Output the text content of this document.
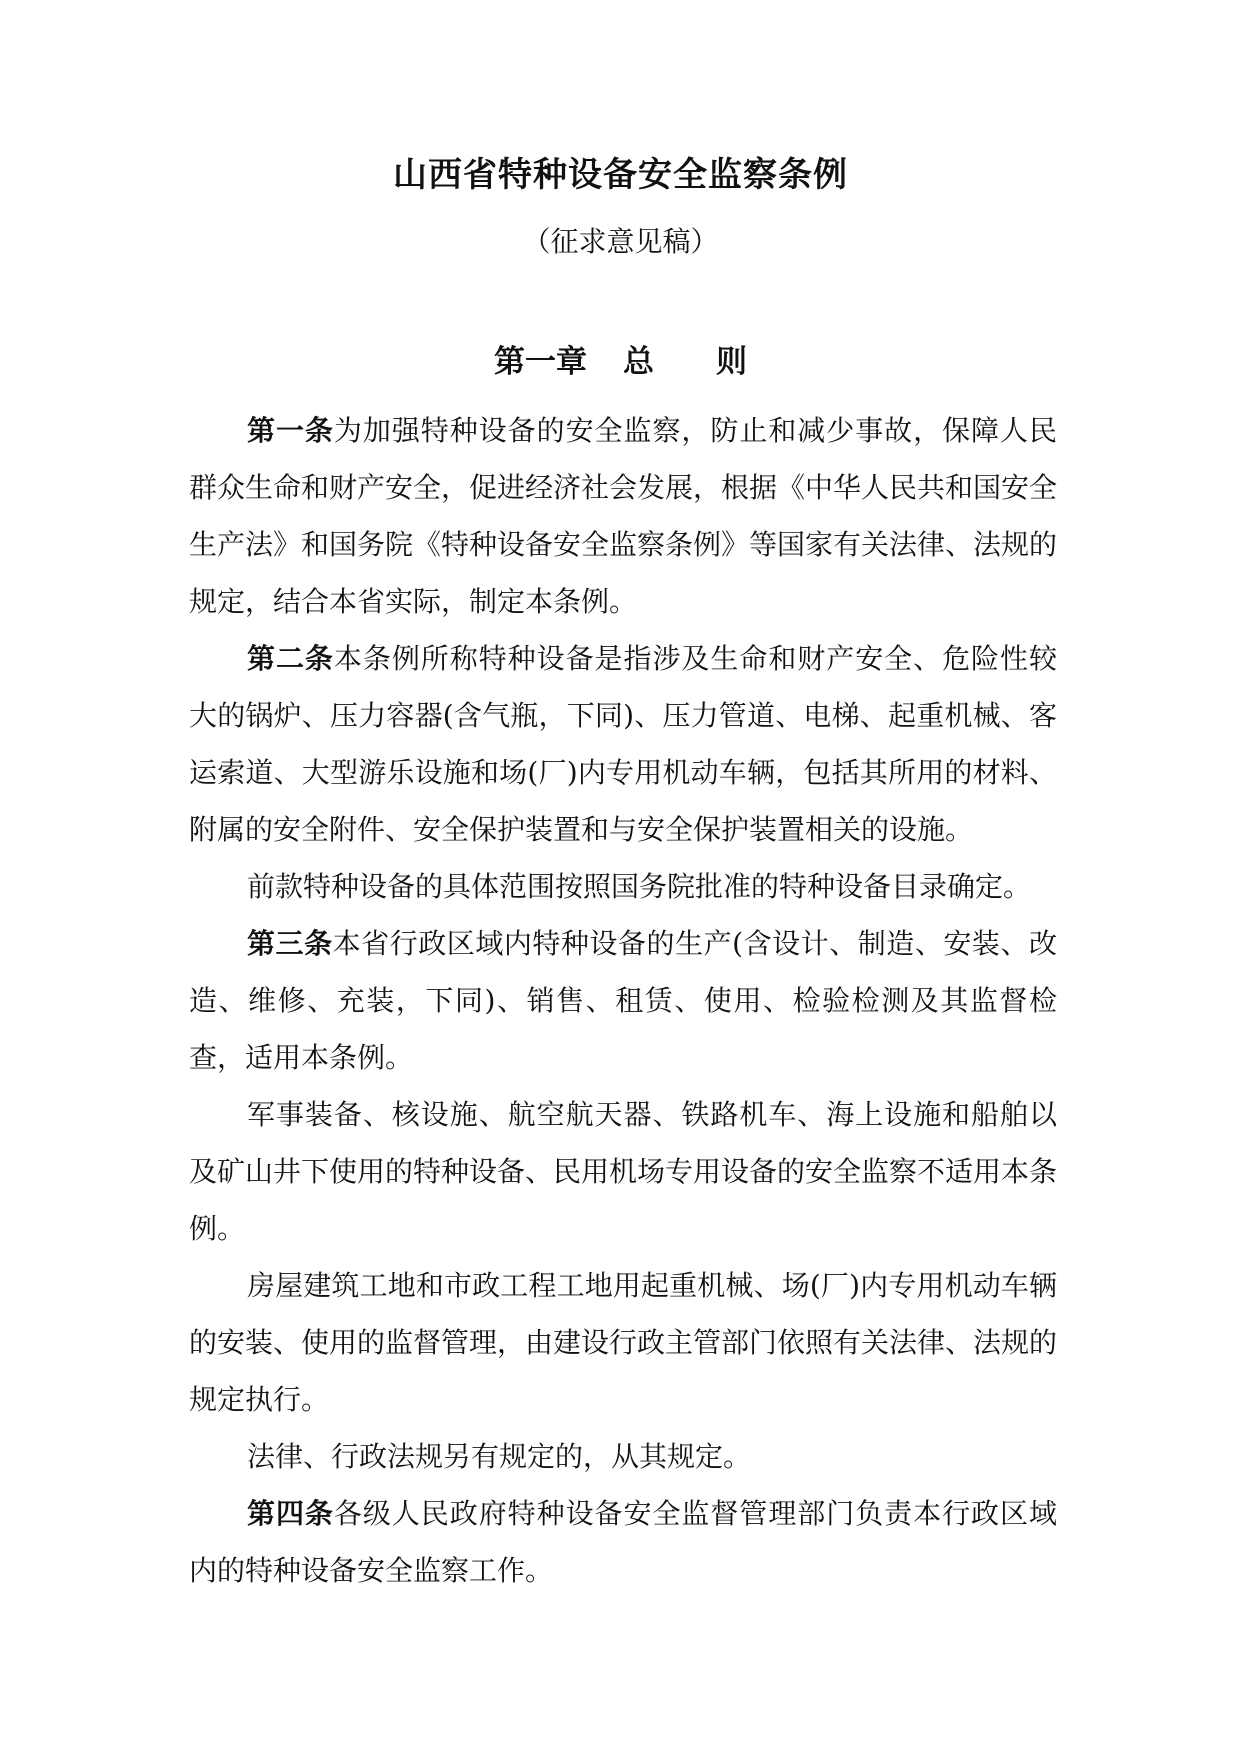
山西省特种设备安全监察条例
（征求意见稿）
第一章 总 则

第一条为加强特种设备的安全监察，防止和减少事故，保障人民群众生命和财产安全，促进经济社会发展，根据《中华人民共和国安全生产法》和国务院《特种设备安全监察条例》等国家有关法律、法规的规定，结合本省实际，制定本条例。

第二条本条例所称特种设备是指涉及生命和财产安全、危险性较大的锅炉、压力容器(含气瓶，下同)、压力管道、电梯、起重机械、客运索道、大型游乐设施和场(厂)内专用机动车辆，包括其所用的材料、附属的安全附件、安全保护装置和与安全保护装置相关的设施。

前款特种设备的具体范围按照国务院批准的特种设备目录确定。

第三条本省行政区域内特种设备的生产(含设计、制造、安装、改造、维修、充装，下同)、销售、租赁、使用、检验检测及其监督检查，适用本条例。

军事装备、核设施、航空航天器、铁路机车、海上设施和船舶以及矿山井下使用的特种设备、民用机场专用设备的安全监察不适用本条例。

房屋建筑工地和市政工程工地用起重机械、场(厂)内专用机动车辆的安装、使用的监督管理，由建设行政主管部门依照有关法律、法规的规定执行。

法律、行政法规另有规定的，从其规定。

第四条各级人民政府特种设备安全监督管理部门负责本行政区域内的特种设备安全监察工作。
